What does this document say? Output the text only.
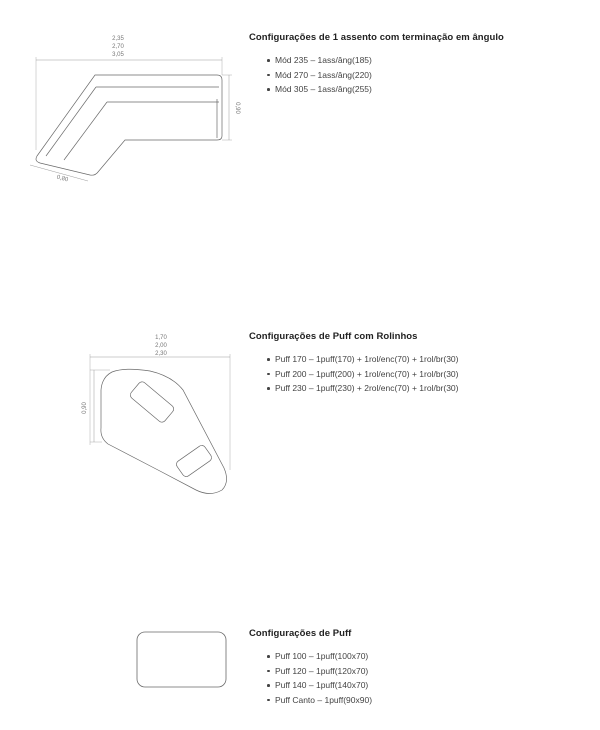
2,35
2,70
3,05
0,90
0,80
1,70
2,00
2,30
0,90
Configurações de 1 assento com terminação em ângulo
Mód 235 – 1ass/âng(185)
Mód 270 – 1ass/âng(220)
Mód 305 – 1ass/âng(255)
Configurações de Puff com Rolinhos
Puff 170 – 1puff(170) + 1rol/enc(70) + 1rol/br(30)
Puff 200 – 1puff(200) + 1rol/enc(70) + 1rol/br(30)
Puff 230 – 1puff(230) + 2rol/enc(70) + 1rol/br(30)
Configurações de Puff
Puff 100 – 1puff(100x70)
Puff 120 – 1puff(120x70)
Puff 140 – 1puff(140x70)
Puff Canto – 1puff(90x90)
